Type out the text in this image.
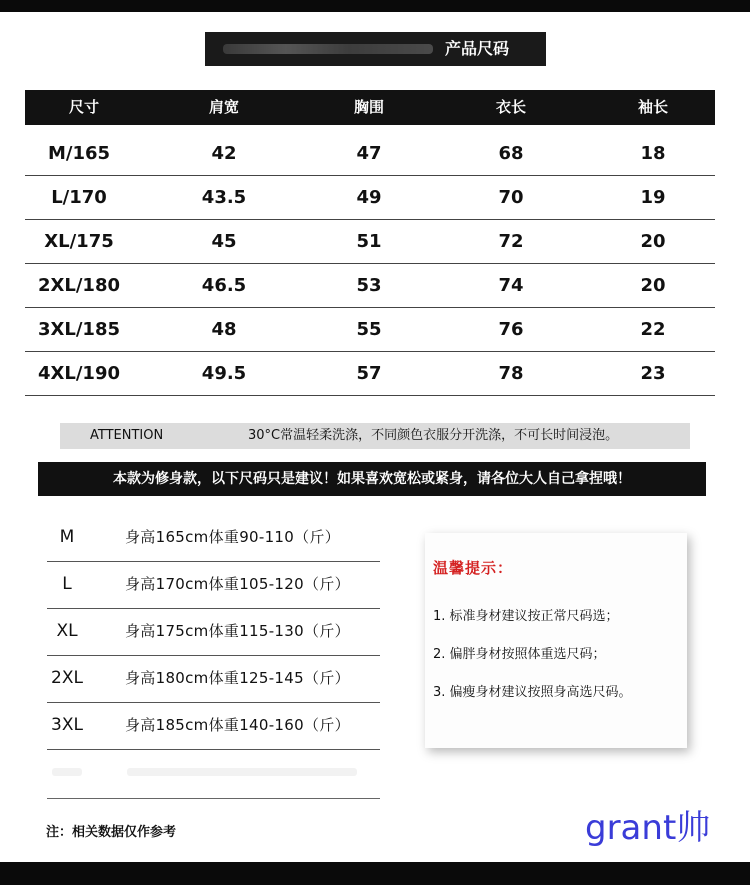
产品尺码
尺寸	肩宽	胸围	衣长	袖长
M/165	42	47	68	18
L/170	43.5	49	70	19
XL/175	45	51	72	20
2XL/180	46.5	53	74	20
3XL/185	48	55	76	22
4XL/190	49.5	57	78	23
ATTENTION	30°C常温轻柔洗涤，不同颜色衣服分开洗涤，不可长时间浸泡。
本款为修身款，以下尺码只是建议！如果喜欢宽松或紧身，请各位大人自己拿捏哦！
M	身高165cm体重90-110（斤）
L	身高170cm体重105-120（斤）
XL	身高175cm体重115-130（斤）
2XL	身高180cm体重125-145（斤）
3XL	身高185cm体重140-160（斤）
温馨提示：
1. 标准身材建议按正常尺码选；
2. 偏胖身材按照体重选尺码；
3. 偏瘦身材建议按照身高选尺码。
注：相关数据仅作参考	grant帅
